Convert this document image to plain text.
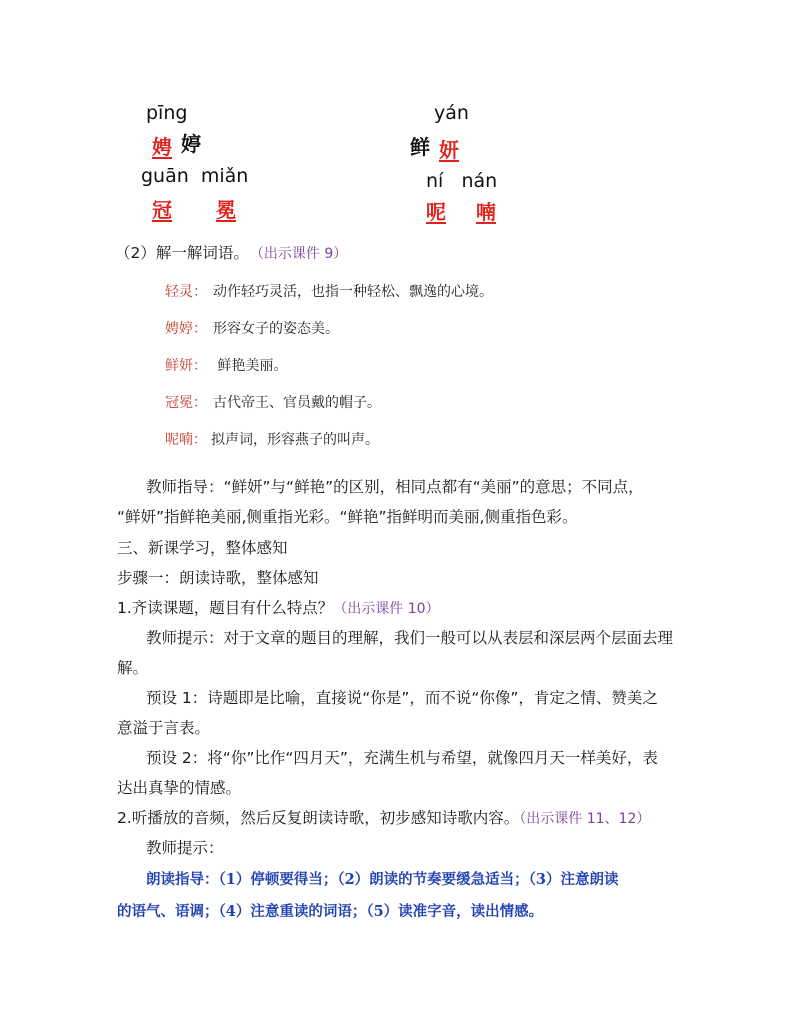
pīng
娉 婷
yán
鲜 妍
guān  miǎn
冠 冕
ní   nán
呢 喃
（2）解一解词语。 （出示课件 9）
轻灵： 动作轻巧灵活，也指一种轻松、飘逸的心境。
娉婷： 形容女子的姿态美。
鲜妍： 鲜艳美丽。
冠冕： 古代帝王、官员戴的帽子。
呢喃： 拟声词，形容燕子的叫声。
教师指导：“鲜妍”与“鲜艳”的区别，相同点都有“美丽”的意思；不同点，
“鲜妍”指鲜艳美丽,侧重指光彩。“鲜艳”指鲜明而美丽,侧重指色彩。
三、新课学习，整体感知
步骤一：朗读诗歌，整体感知
1.齐读课题，题目有什么特点？（出示课件 10）
教师提示：对于文章的题目的理解，我们一般可以从表层和深层两个层面去理
解。
预设 1：诗题即是比喻，直接说“你是”，而不说“你像”，肯定之情、赞美之
意溢于言表。
预设 2：将“你”比作“四月天”，充满生机与希望，就像四月天一样美好，表
达出真挚的情感。
2.听播放的音频，然后反复朗读诗歌，初步感知诗歌内容。（出示课件 11、12）
教师提示：
朗读指导：（1）停顿要得当；（2）朗读的节奏要缓急适当；（3）注意朗读
的语气、语调；（4）注意重读的词语；（5）读准字音，读出情感。
